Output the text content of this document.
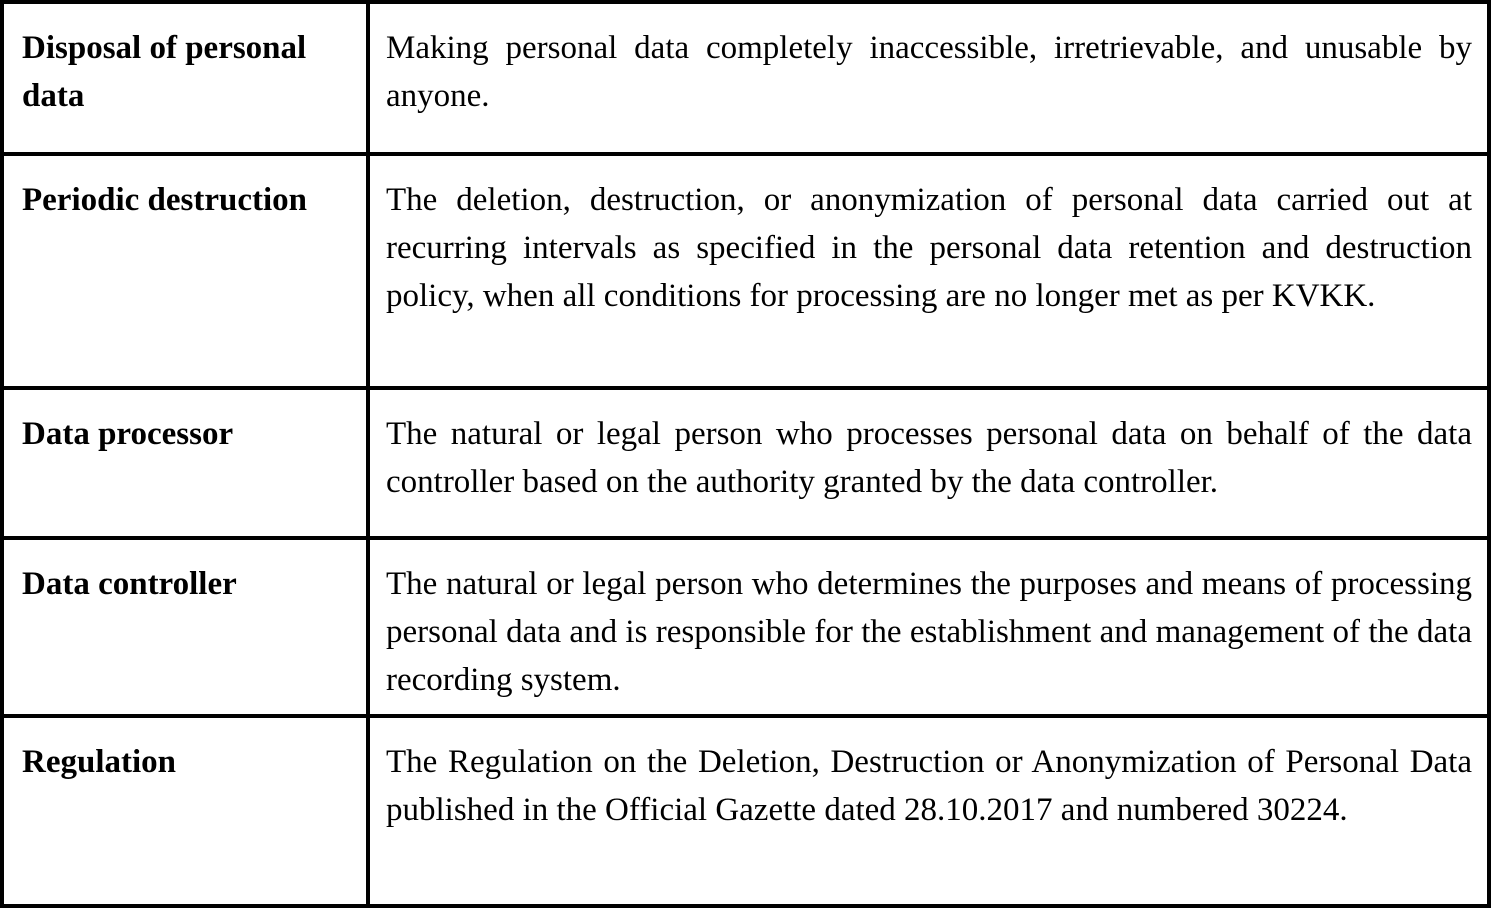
Disposal of personal data	Making personal data completely inaccessible, irretrievable, and unusable by anyone.
Periodic destruction	The deletion, destruction, or anonymization of personal data carried out at recurring intervals as specified in the personal data retention and destruction policy, when all conditions for processing are no longer met as per KVKK.
Data processor	The natural or legal person who processes personal data on behalf of the data controller based on the authority granted by the data controller.
Data controller	The natural or legal person who determines the purposes and means of processing personal data and is responsible for the establishment and management of the data recording system.
Regulation	The Regulation on the Deletion, Destruction or Anonymization of Personal Data published in the Official Gazette dated 28.10.2017 and numbered 30224.
